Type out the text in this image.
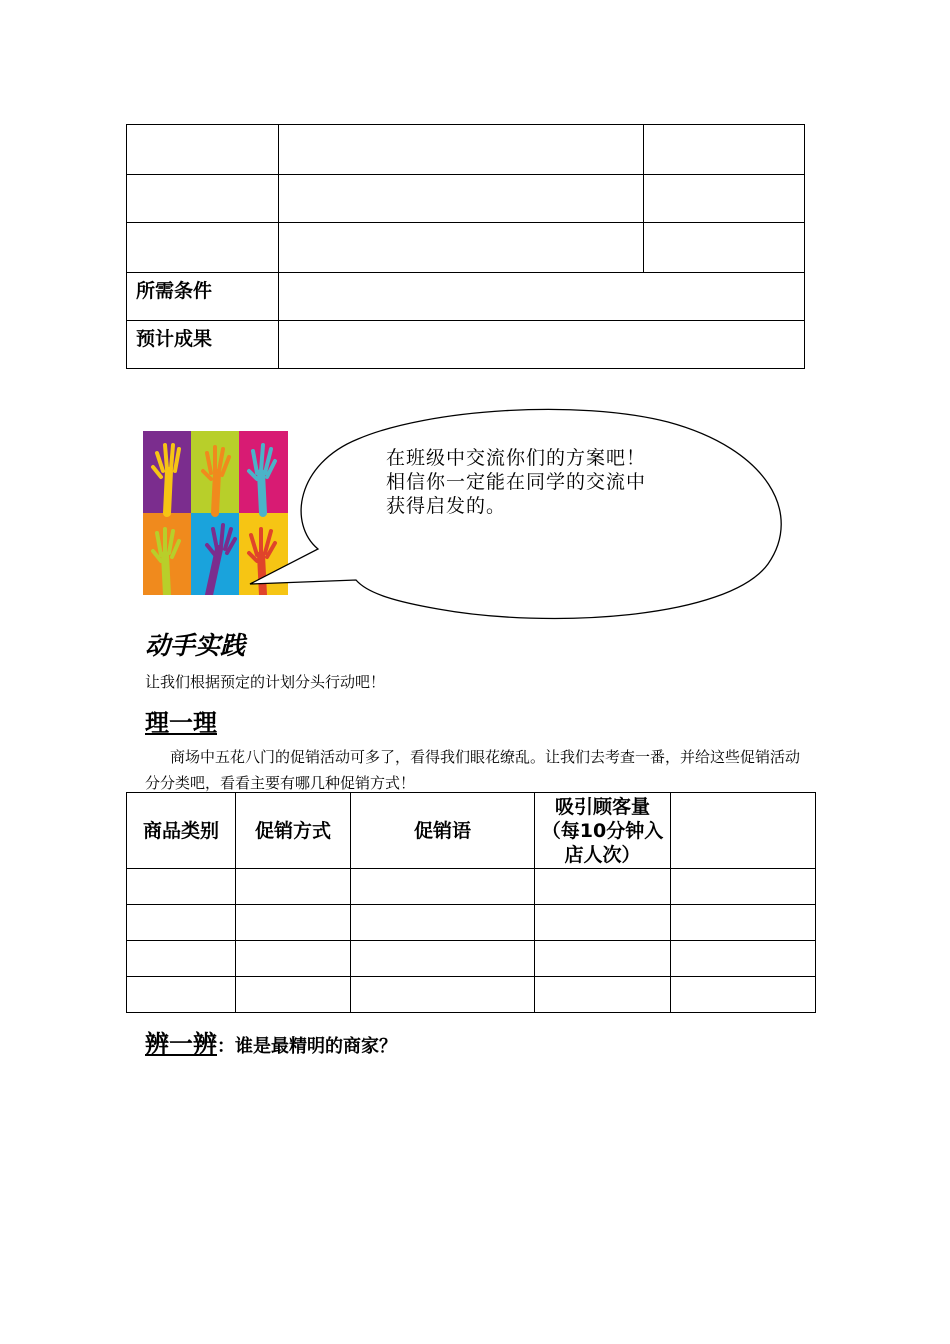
所需条件		
预计成果		
在班级中交流你们的方案吧！
相信你一定能在同学的交流中
获得启发的。
动手实践
让我们根据预定的计划分头行动吧！
理一理
商场中五花八门的促销活动可多了，看得我们眼花缭乱。让我们去考查一番，并给这些促销活动分分类吧，看看主要有哪几种促销方式！
商品类别	促销方式	促销语	吸引顾客量（每10分钟入店人次）	

辨一辨：谁是最精明的商家？
